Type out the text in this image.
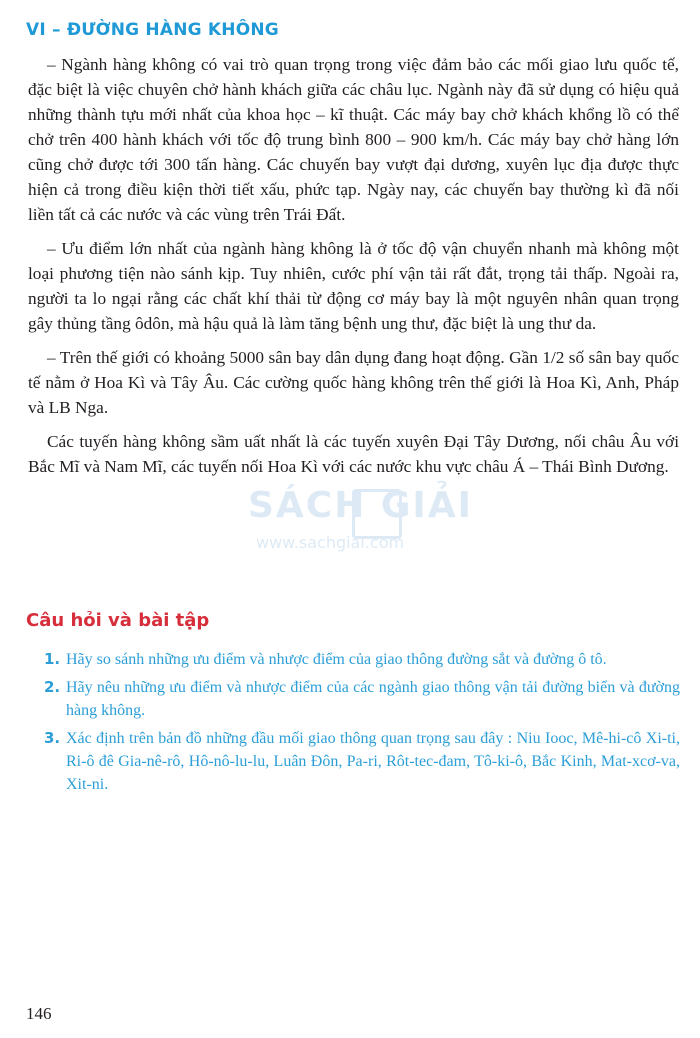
VI – ĐƯỜNG HÀNG KHÔNG

– Ngành hàng không có vai trò quan trọng trong việc đảm bảo các mối giao lưu quốc tế, đặc biệt là việc chuyên chở hành khách giữa các châu lục. Ngành này đã sử dụng có hiệu quả những thành tựu mới nhất của khoa học – kĩ thuật. Các máy bay chở khách khổng lồ có thể chở trên 400 hành khách với tốc độ trung bình 800 – 900 km/h. Các máy bay chở hàng lớn cũng chở được tới 300 tấn hàng. Các chuyến bay vượt đại dương, xuyên lục địa được thực hiện cả trong điều kiện thời tiết xấu, phức tạp. Ngày nay, các chuyến bay thường kì đã nối liền tất cả các nước và các vùng trên Trái Đất.

– Ưu điểm lớn nhất của ngành hàng không là ở tốc độ vận chuyển nhanh mà không một loại phương tiện nào sánh kịp. Tuy nhiên, cước phí vận tải rất đắt, trọng tải thấp. Ngoài ra, người ta lo ngại rằng các chất khí thải từ động cơ máy bay là một nguyên nhân quan trọng gây thủng tầng ôdôn, mà hậu quả là làm tăng bệnh ung thư, đặc biệt là ung thư da.

– Trên thế giới có khoảng 5000 sân bay dân dụng đang hoạt động. Gần 1/2 số sân bay quốc tế nằm ở Hoa Kì và Tây Âu. Các cường quốc hàng không trên thế giới là Hoa Kì, Anh, Pháp và LB Nga.

Các tuyến hàng không sầm uất nhất là các tuyến xuyên Đại Tây Dương, nối châu Âu với Bắc Mĩ và Nam Mĩ, các tuyến nối Hoa Kì với các nước khu vực châu Á – Thái Bình Dương.

SÁCH GIẢI
www.sachgiai.com
Câu hỏi và bài tập
1. Hãy so sánh những ưu điểm và nhược điểm của giao thông đường sắt và đường ô tô.
2. Hãy nêu những ưu điểm và nhược điểm của các ngành giao thông vận tải đường biển và đường hàng không.
3. Xác định trên bản đồ những đầu mối giao thông quan trọng sau đây : Niu Iooc, Mê-hi-cô Xi-ti, Ri-ô đê Gia-nê-rô, Hô-nô-lu-lu, Luân Đôn, Pa-ri, Rôt-tec-đam, Tô-ki-ô, Bắc Kinh, Mat-xcơ-va, Xit-ni.
146
